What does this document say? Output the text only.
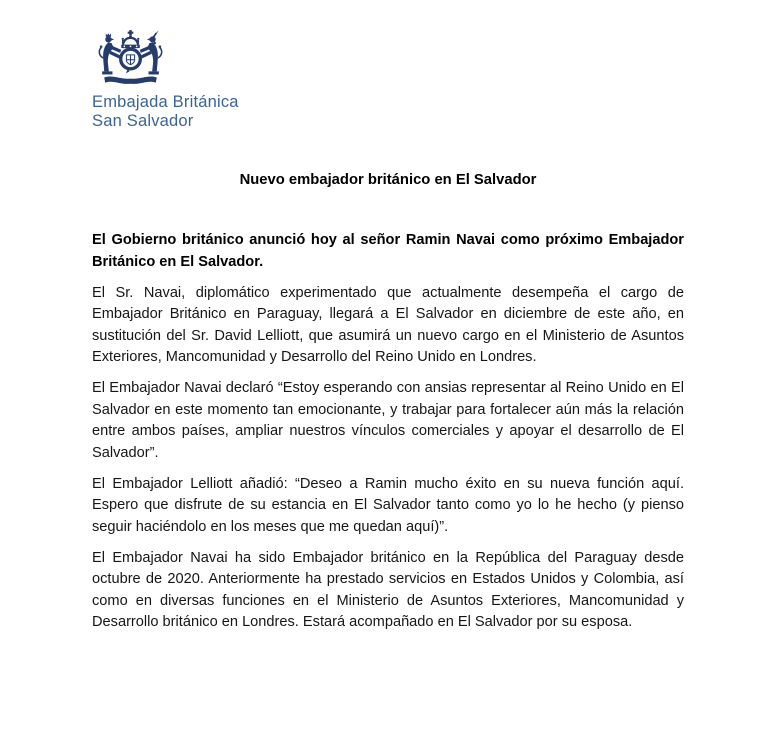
Embajada Británica
San Salvador
Nuevo embajador británico en El Salvador

El Gobierno británico anunció hoy al señor Ramin Navai como próximo Embajador Británico en El Salvador.

El Sr. Navai, diplomático experimentado que actualmente desempeña el cargo de Embajador Británico en Paraguay, llegará a El Salvador en diciembre de este año, en sustitución del Sr. David Lelliott, que asumirá un nuevo cargo en el Ministerio de Asuntos Exteriores, Mancomunidad y Desarrollo del Reino Unido en Londres.

El Embajador Navai declaró “Estoy esperando con ansias representar al Reino Unido en El Salvador en este momento tan emocionante, y trabajar para fortalecer aún más la relación entre ambos países, ampliar nuestros vínculos comerciales y apoyar el desarrollo de El Salvador”.

El Embajador Lelliott añadió: “Deseo a Ramin mucho éxito en su nueva función aquí. Espero que disfrute de su estancia en El Salvador tanto como yo lo he hecho (y pienso seguir haciéndolo en los meses que me quedan aquí)”.

El Embajador Navai ha sido Embajador británico en la República del Paraguay desde octubre de 2020. Anteriormente ha prestado servicios en Estados Unidos y Colombia, así como en diversas funciones en el Ministerio de Asuntos Exteriores, Mancomunidad y Desarrollo británico en Londres. Estará acompañado en El Salvador por su esposa.
